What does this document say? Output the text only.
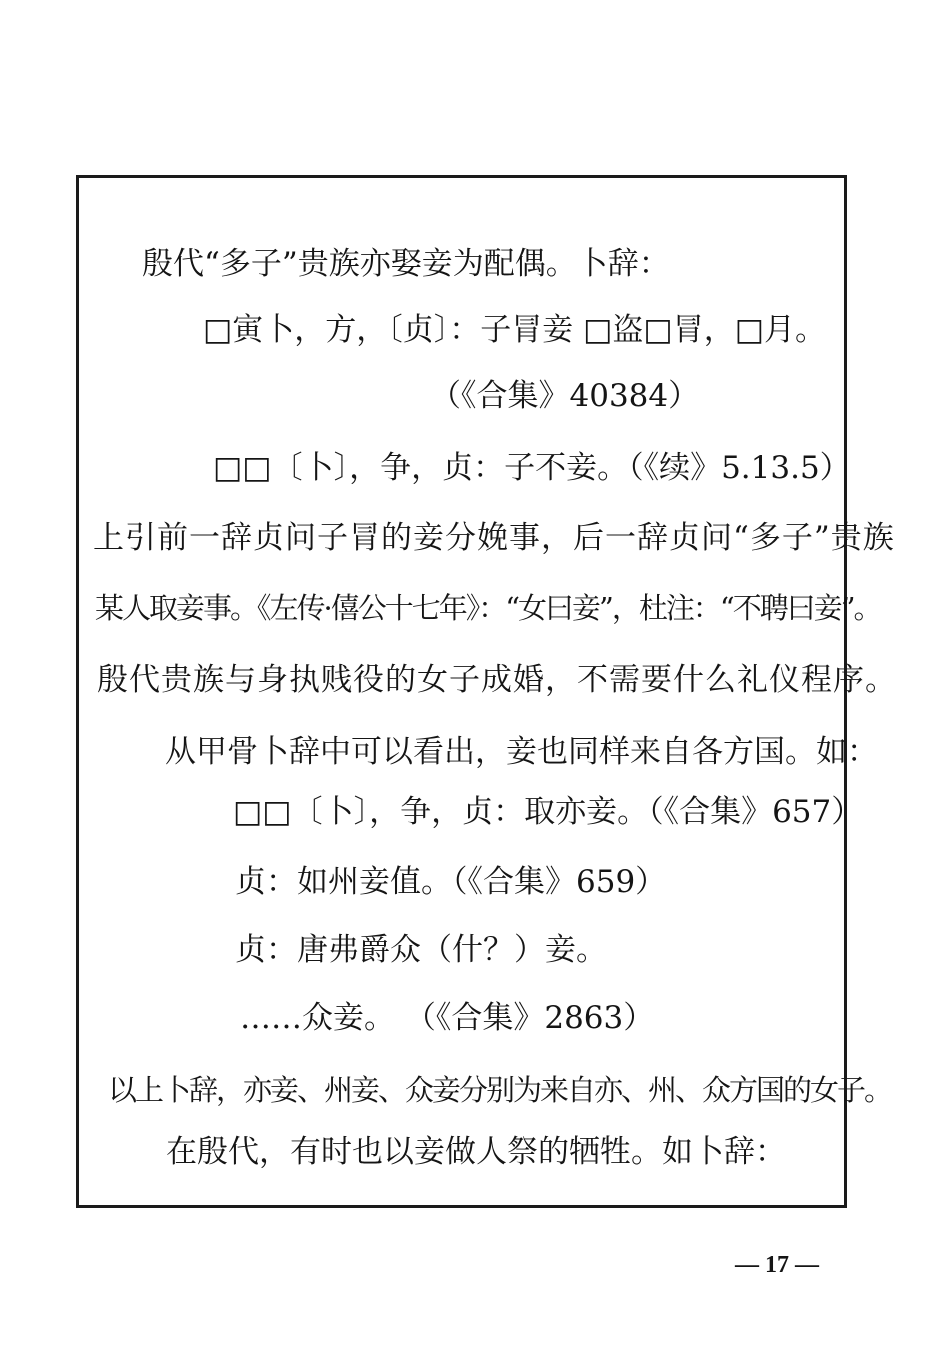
殷代“多子”贵族亦娶妾为配偶。卜辞：
□寅卜，方，〔贞〕：子冐妾 □盗□冐，□月。
（《合集》40384）
□□〔卜〕，争，贞：子不妾。（《续》5.13.5）
上引前一辞贞问子冐的妾分娩事，后一辞贞问“多子”贵族
某人取妾事。《左传·僖公十七年》：“女曰妾”，杜注：“不聘曰妾”。
殷代贵族与身执贱役的女子成婚，不需要什么礼仪程序。
从甲骨卜辞中可以看出，妾也同样来自各方国。如：
□□〔卜〕，争，贞：取亦妾。（《合集》657）
贞：如州妾值。（《合集》659）
贞：唐弗爵众（什？）妾。
……众妾。 （《合集》2863）
以上卜辞，亦妾、州妾、众妾分别为来自亦、州、众方国的女子。
在殷代，有时也以妾做人祭的牺牲。如卜辞：
— 17 —
